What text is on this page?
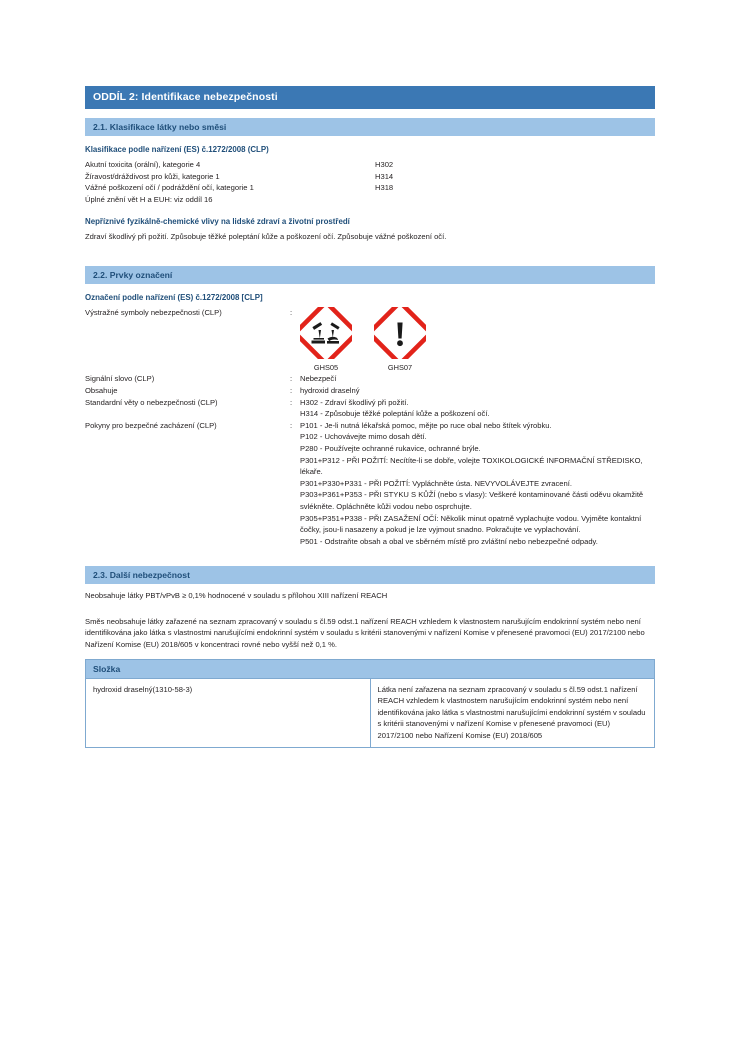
ODDÍL 2: Identifikace nebezpečnosti
2.1. Klasifikace látky nebo směsi
Klasifikace podle nařízení (ES) č.1272/2008 (CLP)
Akutní toxicita (orální), kategorie 4	H302
Žíravost/dráždivost pro kůži, kategorie 1	H314
Vážné poškození očí / podráždění očí, kategorie 1	H318
Úplné znění vět H a EUH: viz oddíl 16
Nepříznivé fyzikálně-chemické vlivy na lidské zdraví a životní prostředí
Zdraví škodlivý při požití. Způsobuje těžké poleptání kůže a poškození očí. Způsobuje vážné poškození očí.
2.2. Prvky označení
Označení podle nařízení (ES) č.1272/2008 [CLP]
Výstražné symboly nebezpečnosti (CLP)	:
GHS05	GHS07
Signální slovo (CLP)	:	Nebezpečí
Obsahuje	:	hydroxid draselný
Standardní věty o nebezpečnosti (CLP)	:	H302 - Zdraví škodlivý při požití.
H314 - Způsobuje těžké poleptání kůže a poškození očí.
Pokyny pro bezpečné zacházení (CLP)	:	P101 - Je-li nutná lékařská pomoc, mějte po ruce obal nebo štítek výrobku.
P102 - Uchovávejte mimo dosah dětí.
P280 - Používejte ochranné rukavice, ochranné brýle.
P301+P312 - PŘI POŽITÍ: Necítíte-li se dobře, volejte TOXIKOLOGICKÉ INFORMAČNÍ STŘEDISKO, lékaře.
P301+P330+P331 - PŘI POŽITÍ: Vypláchněte ústa. NEVYVOLÁVEJTE zvracení.
P303+P361+P353 - PŘI STYKU S KŮŽÍ (nebo s vlasy): Veškeré kontaminované části oděvu okamžitě svlékněte. Opláchněte kůži vodou nebo osprchujte.
P305+P351+P338 - PŘI ZASAŽENÍ OČÍ: Několik minut opatrně vyplachujte vodou. Vyjměte kontaktní čočky, jsou-li nasazeny a pokud je lze vyjmout snadno. Pokračujte ve vyplachování.
P501 - Odstraňte obsah a obal ve sběrném místě pro zvláštní nebo nebezpečné odpady.
2.3. Další nebezpečnost
Neobsahuje látky PBT/vPvB ≥ 0,1% hodnocené v souladu s přílohou XIII nařízení REACH
Směs neobsahuje látky zařazené na seznam zpracovaný v souladu s čl.59 odst.1 nařízení REACH vzhledem k vlastnostem narušujícím endokrinní systém nebo není identifikována jako látka s vlastnostmi narušujícími endokrinní systém v souladu s kritérii stanovenými v nařízení Komise v přenesené pravomoci (EU) 2017/2100 nebo Nařízení Komise (EU) 2018/605 v koncentraci rovné nebo vyšší než 0,1 %.
Složka
hydroxid draselný(1310-58-3)	Látka není zařazena na seznam zpracovaný v souladu s čl.59 odst.1 nařízení REACH vzhledem k vlastnostem narušujícím endokrinní systém nebo není identifikována jako látka s vlastnostmi narušujícími endokrinní systém v souladu s kritérii stanovenými v nařízení Komise v přenesené pravomoci (EU) 2017/2100 nebo Nařízení Komise (EU) 2018/605
